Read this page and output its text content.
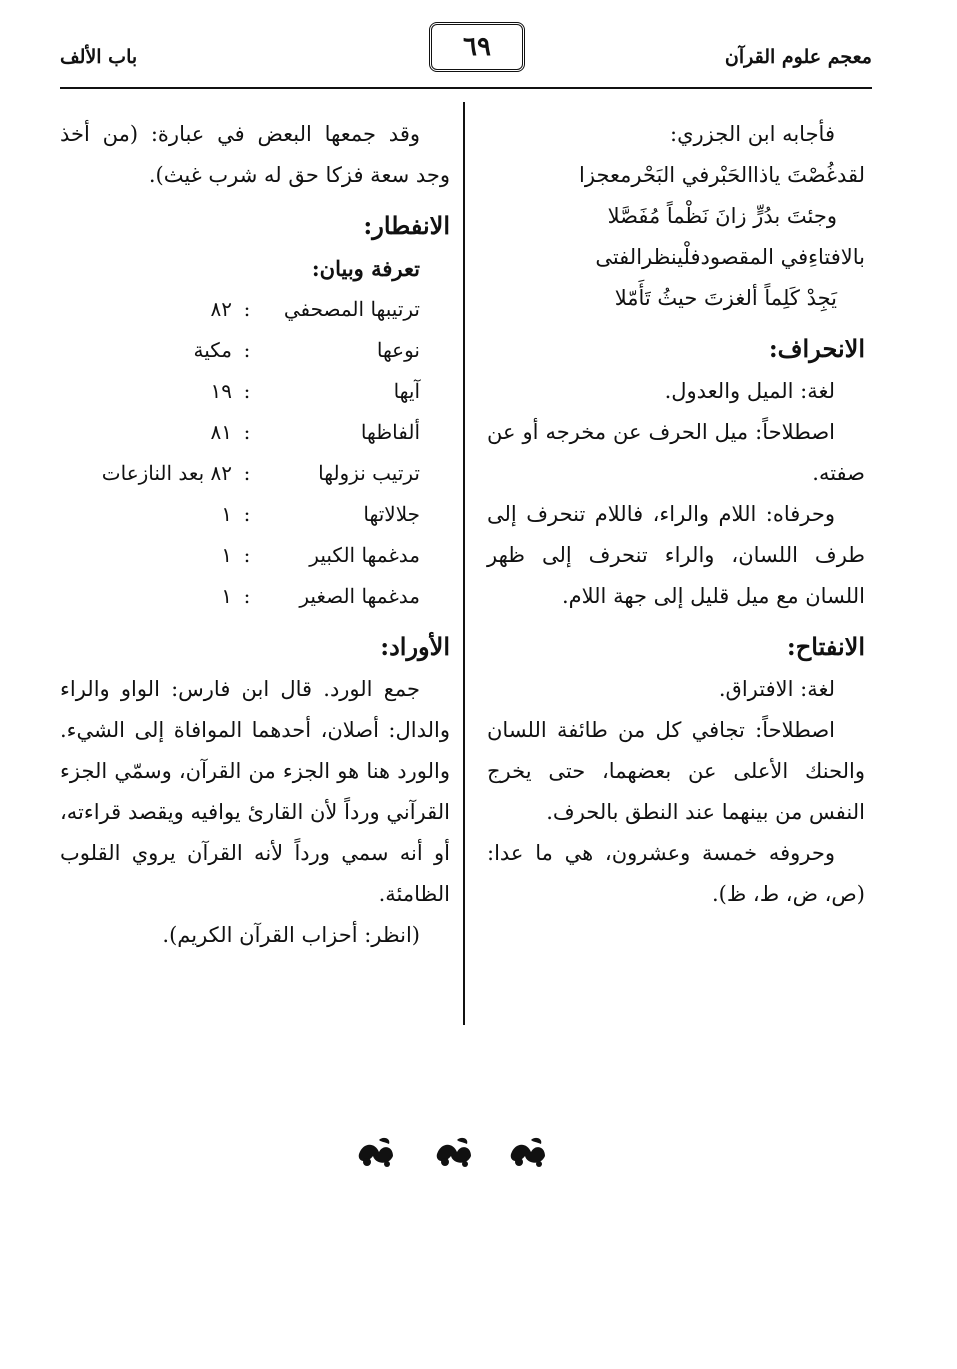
معجم علوم القرآن
٦٩
باب الألف

فأجابه ابن الجزري:

لقدغُصْتَ ياذاالحَبْرفي البَحْرمعجزا
وجئتَ بدُرٍّ زانَ نَظْماً مُفَصَّلا
بالافتاءِفي المقصودفلْينظرالفتى
يَجِدْ كَلِماً ألغزتَ حيثُ تَأَمّلا
الانحراف:

لغة: الميل والعدول.

اصطلاحاً: ميل الحرف عن مخرجه أو عن صفته.

وحرفاه: اللام والراء، فاللام تنحرف إلى طرف اللسان، والراء تنحرف إلى ظهر اللسان مع ميل قليل إلى جهة اللام.

الانفتاح:

لغة: الافتراق.

اصطلاحاً: تجافي كل من طائفة اللسان والحنك الأعلى عن بعضهما، حتى يخرج النفس من بينهما عند النطق بالحرف.

وحروفه خمسة وعشرون، هي ما عدا: (ص، ض، ط، ظ).

وقد جمعها البعض في عبارة: (من أخذ وجد سعة فزكا حق له شرب غيث).

الانفطار:
تعرفة وبيان:
ترتيبها المصحفي	:	٨٢
نوعها	:	مكية
آيها	:	١٩
ألفاظها	:	٨١
ترتيب نزولها	:	٨٢ بعد النازعات
جلالاتها	:	١
مدغمها الكبير	:	١
مدغمها الصغير	:	١
الأوراد:

جمع الورد. قال ابن فارس: الواو والراء والدال: أصلان، أحدهما الموافاة إلى الشيء. والورد هنا هو الجزء من القرآن، وسمّي الجزء القرآني ورداً لأن القارئ يوافيه ويقصد قراءته، أو أنه سمي ورداً لأنه القرآن يروي القلوب الظامئة.

(انظر: أحزاب القرآن الكريم).
